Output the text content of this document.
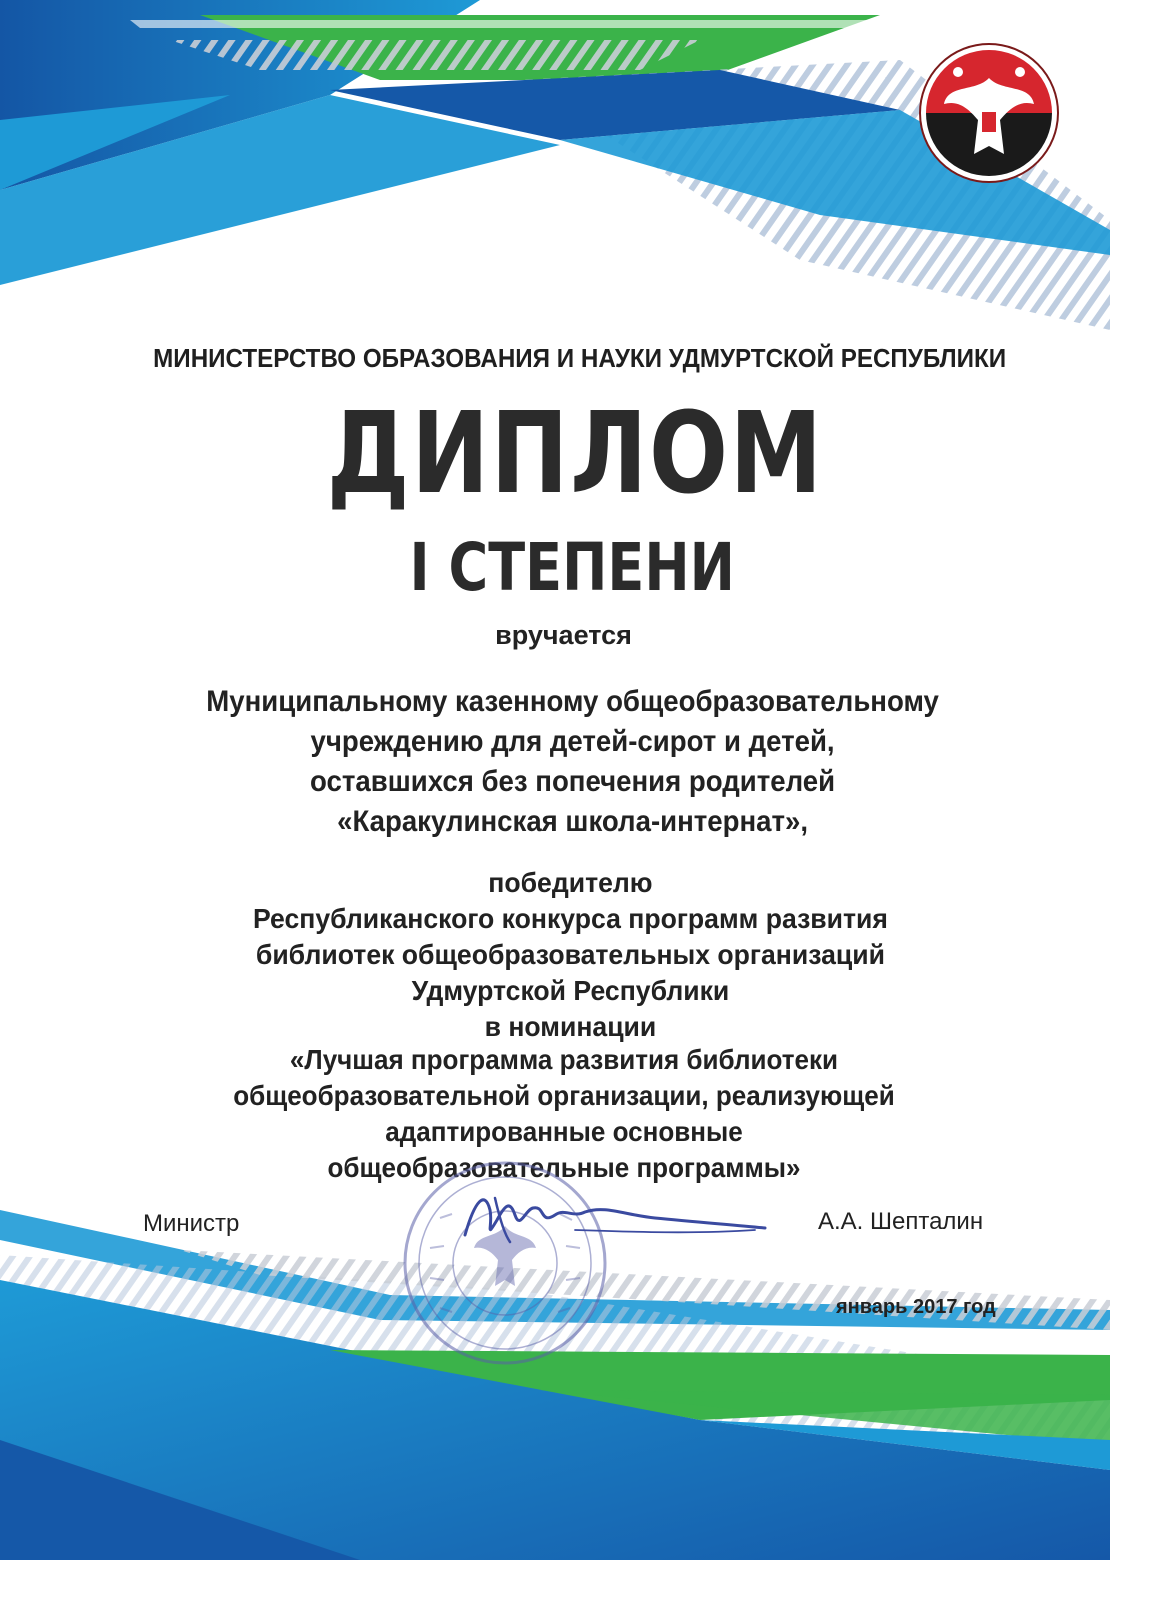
МИНИСТЕРСТВО ОБРАЗОВАНИЯ И НАУКИ УДМУРТСКОЙ РЕСПУБЛИКИ

ДИПЛОМ

I СТЕПЕНИ

вручается

Муниципальному казенному общеобразовательному
учреждению для детей-сирот и детей,
оставшихся без попечения родителей
«Каракулинская школа-интернат»,
победителю
Республиканского конкурса программ развития
библиотек общеобразовательных организаций
Удмуртской Республики
в номинации
«Лучшая программа развития библиотеки
общеобразовательной организации, реализующей
адаптированные основные
общеобразовательные программы»

Министр	А.А. Шепталин

январь 2017 год
